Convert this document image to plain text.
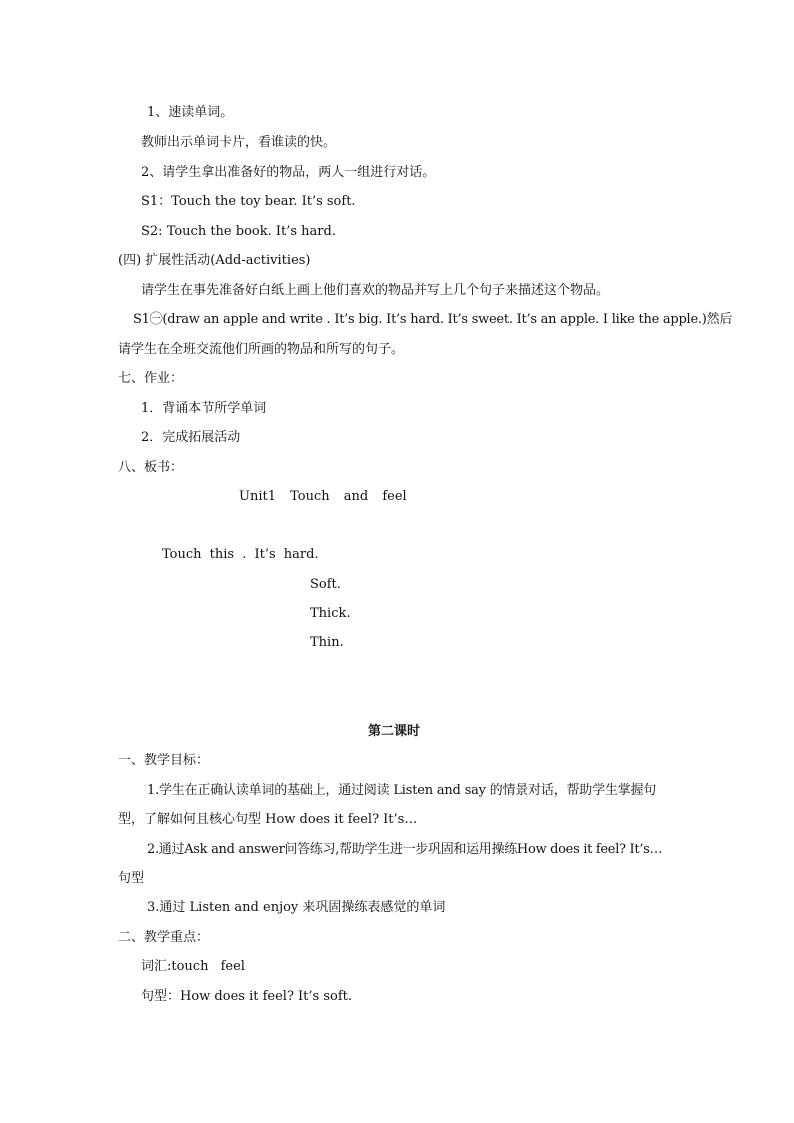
1、速读单词。
教师出示单词卡片，看谁读的快。
2、请学生拿出准备好的物品，两人一组进行对话。
S1：Touch the toy bear. It’s soft.
S2: Touch the book. It’s hard.
(四) 扩展性活动(Add-activities)
请学生在事先准备好白纸上画上他们喜欢的物品并写上几个句子来描述这个物品。
S1㊀(draw an apple and write . It’s big. It’s hard. It’s sweet. It’s an apple. I like the apple.)然后
请学生在全班交流他们所画的物品和所写的句子。
七、作业：
1．背诵本节所学单词
2．完成拓展活动
八、板书：
Unit1 Touch and feel
Touch this . It’s hard.
Soft.
Thick.
Thin.
第二课时
一、教学目标：
1.学生在正确认读单词的基础上，通过阅读 Listen and say 的情景对话，帮助学生掌握句
型，了解如何且核心句型 How does it feel? It’s…
2.通过Ask and answer问答练习,帮助学生进一步巩固和运用操练How does it feel? It’s…
句型
3.通过 Listen and enjoy 来巩固操练表感觉的单词
二、教学重点：
词汇:touch feel
句型：How does it feel? It’s soft.
